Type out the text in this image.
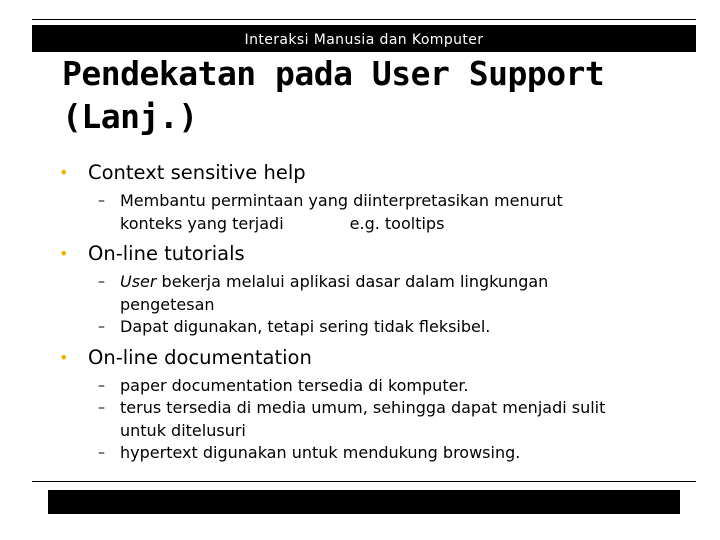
Interaksi Manusia dan Komputer
Pendekatan pada User Support
(Lanj.)
• Context sensitive help
– Membantu permintaan yang diinterpretasikan menurut
konteks yang terjadi	e.g. tooltips
• On-line tutorials
– User bekerja melalui aplikasi dasar dalam lingkungan
pengetesan
– Dapat digunakan, tetapi sering tidak fleksibel.
• On-line documentation
– paper documentation tersedia di komputer.
– terus tersedia di media umum, sehingga dapat menjadi sulit
untuk ditelusuri
– hypertext digunakan untuk mendukung browsing.
